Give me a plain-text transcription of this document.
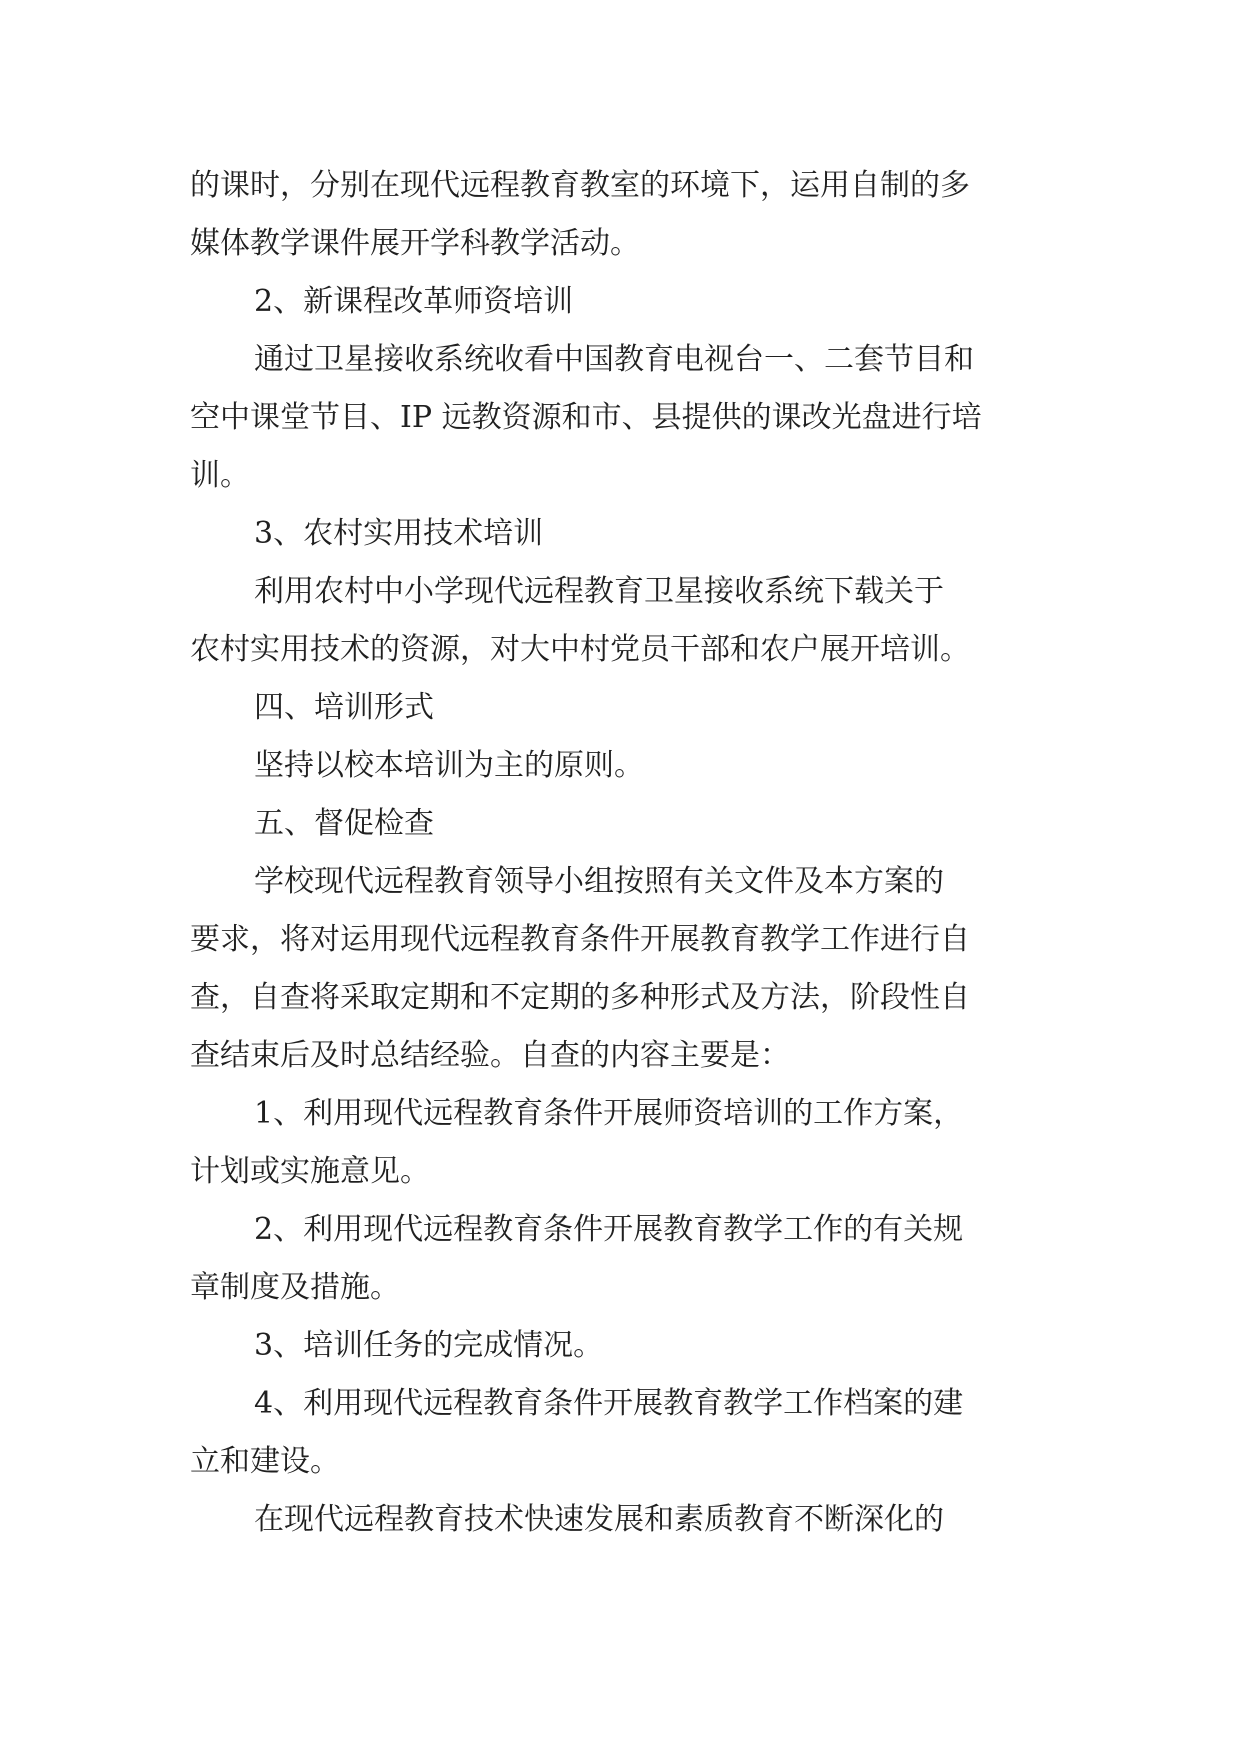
的课时，分别在现代远程教育教室的环境下，运用自制的多
媒体教学课件展开学科教学活动。
2、新课程改革师资培训
通过卫星接收系统收看中国教育电视台一、二套节目和
空中课堂节目、IP 远教资源和市、县提供的课改光盘进行培
训。
3、农村实用技术培训
利用农村中小学现代远程教育卫星接收系统下载关于
农村实用技术的资源，对大中村党员干部和农户展开培训。
四、培训形式
坚持以校本培训为主的原则。
五、督促检查
学校现代远程教育领导小组按照有关文件及本方案的
要求，将对运用现代远程教育条件开展教育教学工作进行自
查，自查将采取定期和不定期的多种形式及方法，阶段性自
查结束后及时总结经验。自查的内容主要是：
1、利用现代远程教育条件开展师资培训的工作方案，
计划或实施意见。
2、利用现代远程教育条件开展教育教学工作的有关规
章制度及措施。
3、培训任务的完成情况。
4、利用现代远程教育条件开展教育教学工作档案的建
立和建设。
在现代远程教育技术快速发展和素质教育不断深化的
